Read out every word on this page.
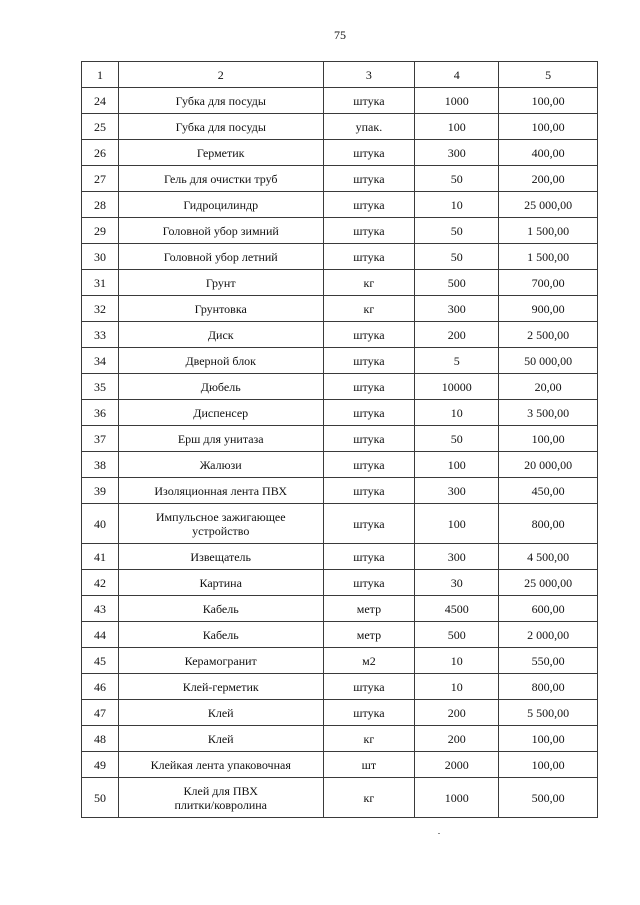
75
1	2	3	4	5
24	Губка для посуды	штука	1000	100,00
25	Губка для посуды	упак.	100	100,00
26	Герметик	штука	300	400,00
27	Гель для очистки труб	штука	50	200,00
28	Гидроцилиндр	штука	10	25 000,00
29	Головной убор зимний	штука	50	1 500,00
30	Головной убор летний	штука	50	1 500,00
31	Грунт	кг	500	700,00
32	Грунтовка	кг	300	900,00
33	Диск	штука	200	2 500,00
34	Дверной блок	штука	5	50 000,00
35	Дюбель	штука	10000	20,00
36	Диспенсер	штука	10	3 500,00
37	Ерш для унитаза	штука	50	100,00
38	Жалюзи	штука	100	20 000,00
39	Изоляционная лента ПВХ	штука	300	450,00
40	Импульсное зажигающее
устройство	штука	100	800,00
41	Извещатель	штука	300	4 500,00
42	Картина	штука	30	25 000,00
43	Кабель	метр	4500	600,00
44	Кабель	метр	500	2 000,00
45	Керамогранит	м2	10	550,00
46	Клей-герметик	штука	10	800,00
47	Клей	штука	200	5 500,00
48	Клей	кг	200	100,00
49	Клейкая лента упаковочная	шт	2000	100,00
50	Клей для ПВХ
плитки/ковролина	кг	1000	500,00
